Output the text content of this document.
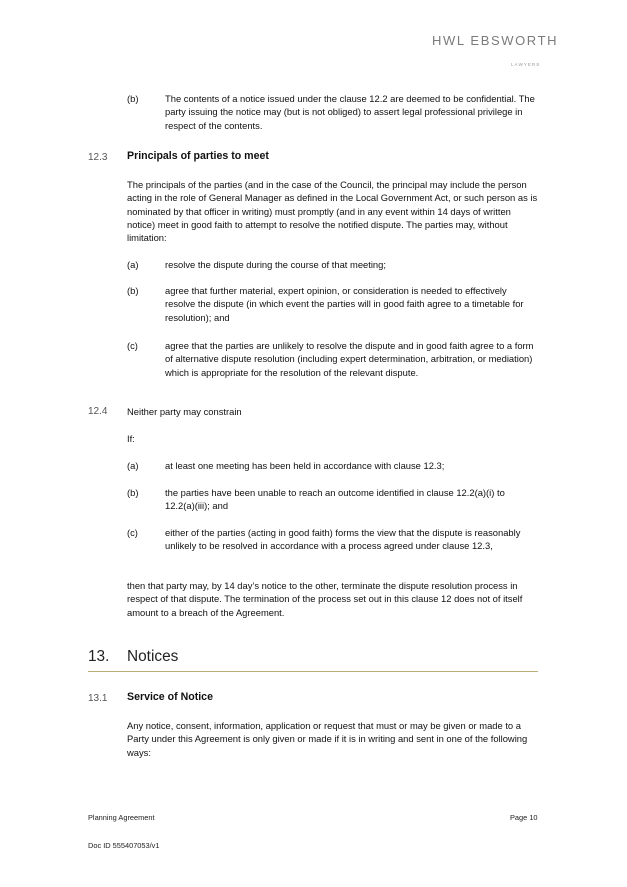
HWL EBSWORTH
LAWYERS
(b)	The contents of a notice issued under the clause 12.2 are deemed to be confidential. The party issuing the notice may (but is not obliged) to assert legal professional privilege in respect of the contents.
12.3 Principals of parties to meet
The principals of the parties (and in the case of the Council, the principal may include the person acting in the role of General Manager as defined in the Local Government Act, or such person as is nominated by that officer in writing) must promptly (and in any event within 14 days of written notice) meet in good faith to attempt to resolve the notified dispute. The parties may, without limitation:
(a)	resolve the dispute during the course of that meeting;
(b)	agree that further material, expert opinion, or consideration is needed to effectively resolve the dispute (in which event the parties will in good faith agree to a timetable for resolution); and
(c)	agree that the parties are unlikely to resolve the dispute and in good faith agree to a form of alternative dispute resolution (including expert determination, arbitration, or mediation) which is appropriate for the resolution of the relevant dispute.
12.4 Neither party may constrain
If:
(a)	at least one meeting has been held in accordance with clause 12.3;
(b)	the parties have been unable to reach an outcome identified in clause 12.2(a)(i) to 12.2(a)(iii); and
(c)	either of the parties (acting in good faith) forms the view that the dispute is reasonably unlikely to be resolved in accordance with a process agreed under clause 12.3,
then that party may, by 14 day’s notice to the other, terminate the dispute resolution process in respect of that dispute. The termination of the process set out in this clause 12 does not of itself amount to a breach of the Agreement.
13. Notices
13.1 Service of Notice
Any notice, consent, information, application or request that must or may be given or made to a Party under this Agreement is only given or made if it is in writing and sent in one of the following ways:
Planning Agreement	Page 10
Doc ID 555407053/v1
